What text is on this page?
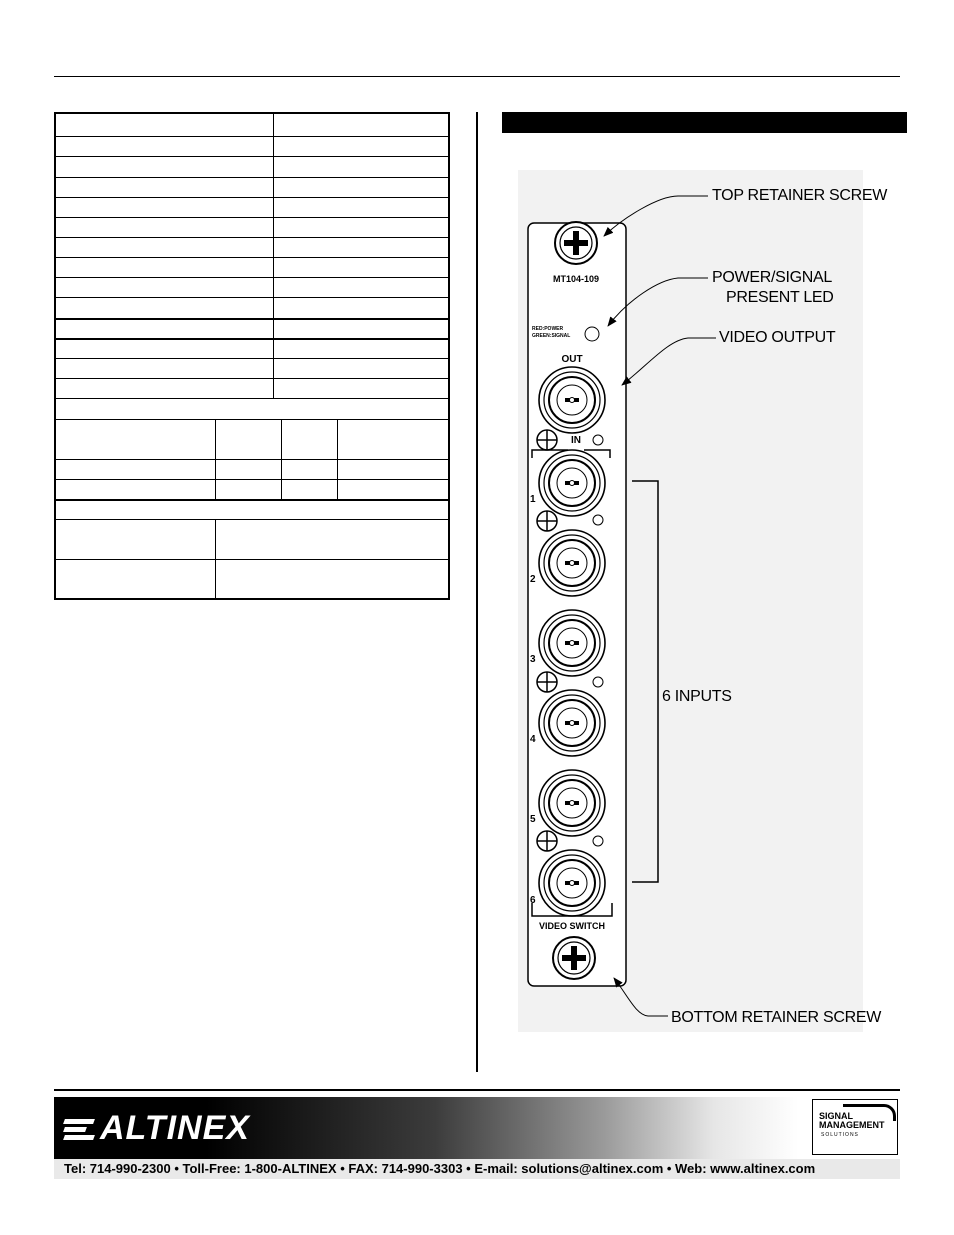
MT104-109
RED:POWER
GREEN:SIGNAL
OUT
IN
1
2
3
4
5
6
VIDEO SWITCH
TOP RETAINER SCREW
POWER/SIGNAL
PRESENT LED
VIDEO OUTPUT
6 INPUTS
BOTTOM RETAINER SCREW
ALTINEX	SIGNAL
MANAGEMENT
SOLUTIONS
Tel: 714-990-2300 • Toll-Free: 1-800-ALTINEX • FAX: 714-990-3303 • E-mail: solutions@altinex.com • Web: www.altinex.com
